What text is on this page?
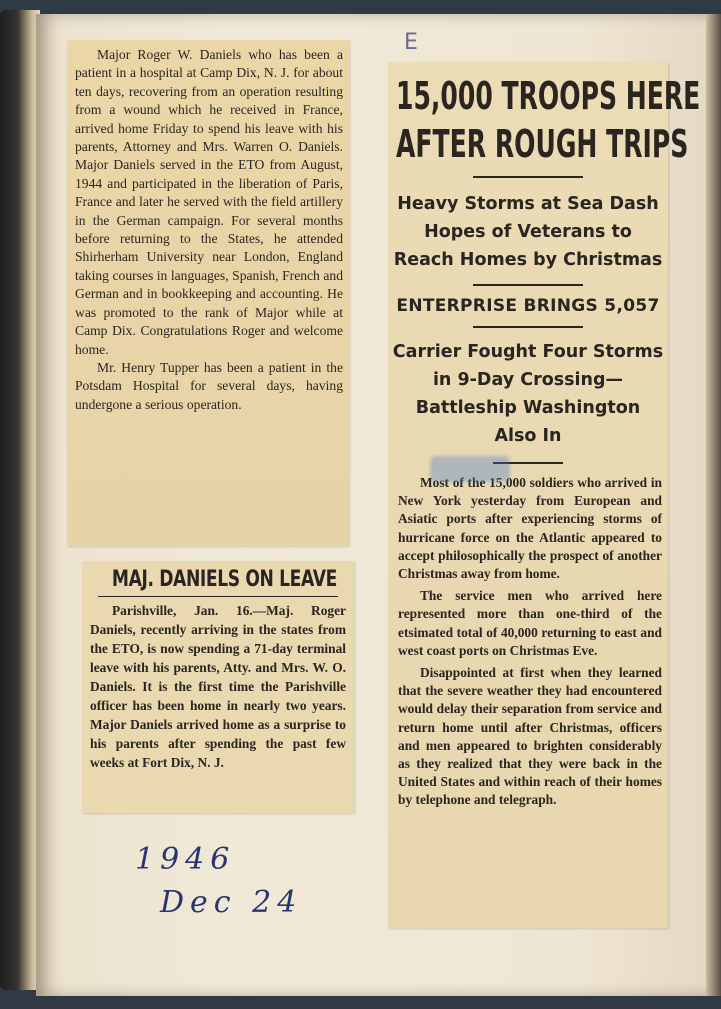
Major Roger W. Daniels who has been a patient in a hospital at Camp Dix, N. J. for about ten days, recovering from an operation resulting from a wound which he received in France, arrived home Friday to spend his leave with his parents, Attorney and Mrs. Warren O. Daniels. Major Daniels served in the ETO from August, 1944 and participated in the liberation of Paris, France and later he served with the field artillery in the German campaign. For several months before returning to the States, he attended Shirherham University near London, England taking courses in languages, Spanish, French and German and in bookkeeping and accounting. He was promoted to the rank of Major while at Camp Dix. Congratulations Roger and welcome home.

Mr. Henry Tupper has been a patient in the Potsdam Hospital for several days, having undergone a serious operation.

MAJ. DANIELS ON LEAVE

Parishville, Jan. 16.—Maj. Roger Daniels, recently arriving in the states from the ETO, is now spending a 71-day terminal leave with his parents, Atty. and Mrs. W. O. Daniels. It is the first time the Parishville officer has been home in nearly two years. Major Daniels arrived home as a surprise to his parents after spending the past few weeks at Fort Dix, N. J.

15,000 TROOPS HERE
AFTER ROUGH TRIPS
Heavy Storms at Sea Dash Hopes of Veterans to Reach Homes by Christmas
ENTERPRISE BRINGS 5,057
Carrier Fought Four Storms in 9-Day Crossing—Battleship Washington Also In

Most of the 15,000 soldiers who arrived in New York yesterday from European and Asiatic ports after experiencing storms of hurricane force on the Atlantic appeared to accept philosophically the prospect of another Christmas away from home.

The service men who arrived here represented more than one-third of the etsimated total of 40,000 returning to east and west coast ports on Christmas Eve.

Disappointed at first when they learned that the severe weather they had encountered would delay their separation from service and return home until after Christmas, officers and men appeared to brighten considerably as they realized that they were back in the United States and within reach of their homes by telephone and telegraph.

E
1946
Dec 24
